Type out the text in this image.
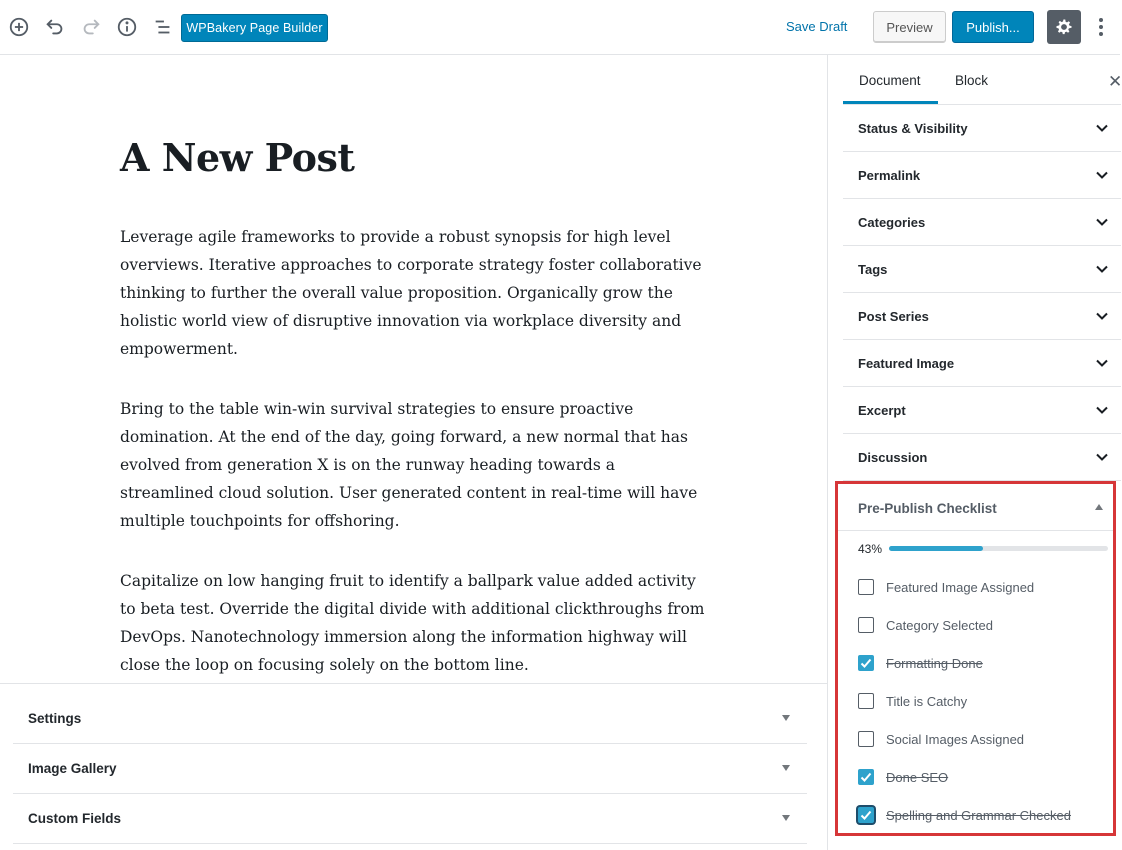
WPBakery Page Builder	Save Draft	Preview	Publish...
A New Post

Leverage agile frameworks to provide a robust synopsis for high level overviews. Iterative approaches to corporate strategy foster collaborative thinking to further the overall value proposition. Organically grow the holistic world view of disruptive innovation via workplace diversity and empowerment.

Bring to the table win-win survival strategies to ensure proactive domination. At the end of the day, going forward, a new normal that has evolved from generation X is on the runway heading towards a streamlined cloud solution. User generated content in real-time will have multiple touchpoints for offshoring.

Capitalize on low hanging fruit to identify a ballpark value added activity to beta test. Override the digital divide with additional clickthroughs from DevOps. Nanotechnology immersion along the information highway will close the loop on focusing solely on the bottom line.

Settings
Image Gallery
Custom Fields
Document	Block	✕
Status & Visibility
Permalink
Categories
Tags
Post Series
Featured Image
Excerpt
Discussion
Pre-Publish Checklist
43%
Featured Image Assigned
Category Selected
Formatting Done
Title is Catchy
Social Images Assigned
Done SEO
Spelling and Grammar Checked
